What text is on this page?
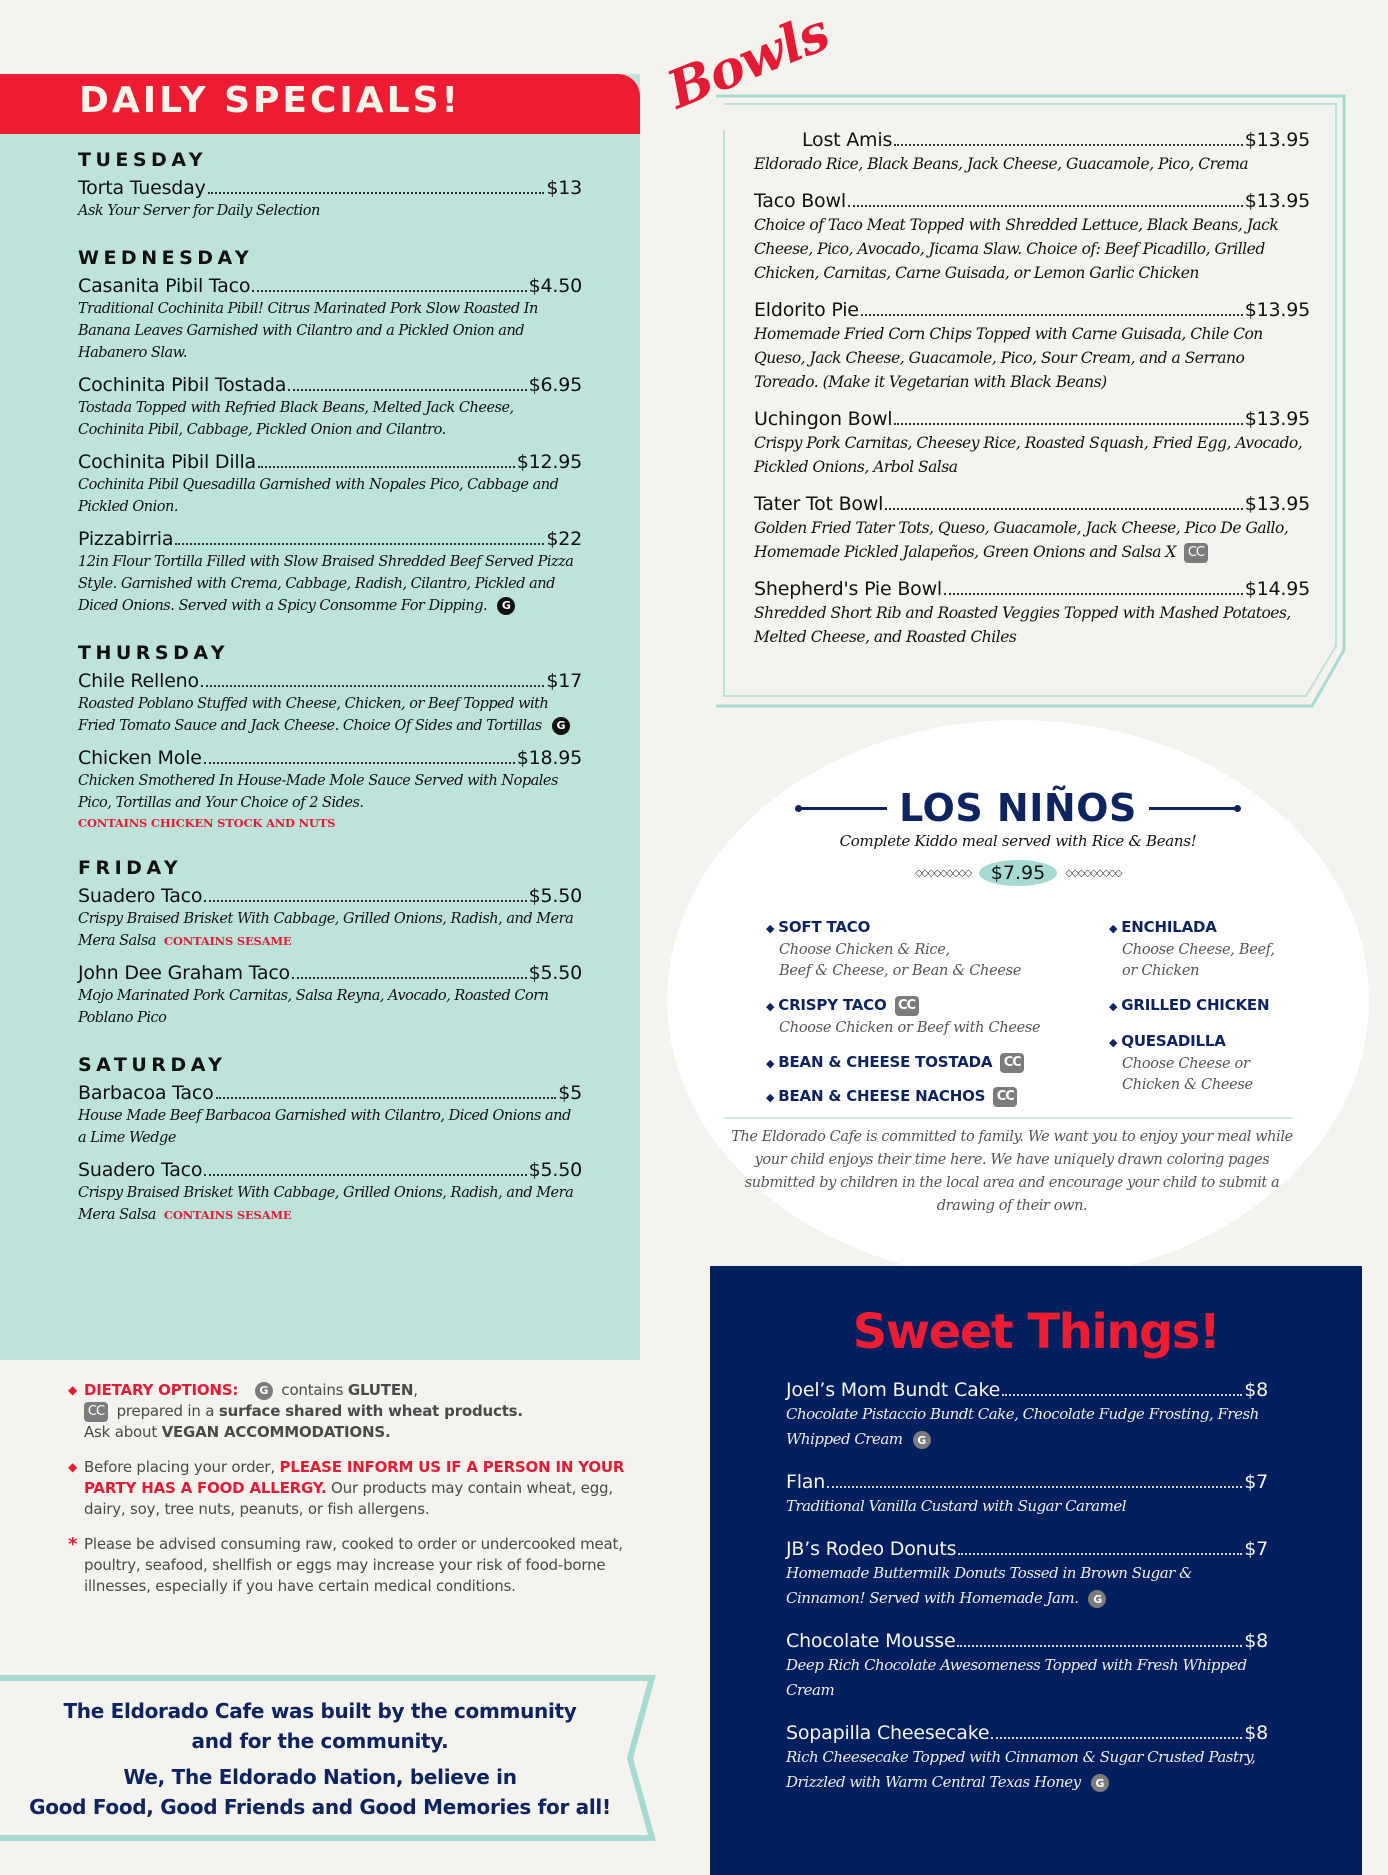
DAILY SPECIALS!
TUESDAY
Torta Tuesday	$13
Ask Your Server for Daily Selection
WEDNESDAY
Casanita Pibil Taco	$4.50
Traditional Cochinita Pibil! Citrus Marinated Pork Slow Roasted In Banana Leaves Garnished with Cilantro and a Pickled Onion and Habanero Slaw.
Cochinita Pibil Tostada	$6.95
Tostada Topped with Refried Black Beans, Melted Jack Cheese, Cochinita Pibil, Cabbage, Pickled Onion and Cilantro.
Cochinita Pibil Dilla	$12.95
Cochinita Pibil Quesadilla Garnished with Nopales Pico, Cabbage and Pickled Onion.
Pizzabirria	$22
12in Flour Tortilla Filled with Slow Braised Shredded Beef Served Pizza Style. Garnished with Crema, Cabbage, Radish, Cilantro, Pickled and Diced Onions. Served with a Spicy Consomme For Dipping. G
THURSDAY
Chile Relleno	$17
Roasted Poblano Stuffed with Cheese, Chicken, or Beef Topped with Fried Tomato Sauce and Jack Cheese. Choice Of Sides and Tortillas G
Chicken Mole	$18.95
Chicken Smothered In House-Made Mole Sauce Served with Nopales Pico, Tortillas and Your Choice of 2 Sides.
CONTAINS CHICKEN STOCK AND NUTS
FRIDAY
Suadero Taco	$5.50
Crispy Braised Brisket With Cabbage, Grilled Onions, Radish, and Mera Mera Salsa CONTAINS SESAME
John Dee Graham Taco	$5.50
Mojo Marinated Pork Carnitas, Salsa Reyna, Avocado, Roasted Corn Poblano Pico
SATURDAY
Barbacoa Taco	$5
House Made Beef Barbacoa Garnished with Cilantro, Diced Onions and a Lime Wedge
Suadero Taco	$5.50
Crispy Braised Brisket With Cabbage, Grilled Onions, Radish, and Mera Mera Salsa CONTAINS SESAME
◆ DIETARY OPTIONS: G contains GLUTEN,
CC prepared in a surface shared with wheat products.
Ask about VEGAN ACCOMMODATIONS.
◆ Before placing your order, PLEASE INFORM US IF A PERSON IN YOUR PARTY HAS A FOOD ALLERGY. Our products may contain wheat, egg, dairy, soy, tree nuts, peanuts, or fish allergens.
* Please be advised consuming raw, cooked to order or undercooked meat, poultry, seafood, shellfish or eggs may increase your risk of food-borne illnesses, especially if you have certain medical conditions.
The Eldorado Cafe was built by the community
and for the community.
We, The Eldorado Nation, believe in
Good Food, Good Friends and Good Memories for all!
Bowls
Lost Amis	$13.95
Eldorado Rice, Black Beans, Jack Cheese, Guacamole, Pico, Crema
Taco Bowl	$13.95
Choice of Taco Meat Topped with Shredded Lettuce, Black Beans, Jack Cheese, Pico, Avocado, Jicama Slaw. Choice of: Beef Picadillo, Grilled Chicken, Carnitas, Carne Guisada, or Lemon Garlic Chicken
Eldorito Pie	$13.95
Homemade Fried Corn Chips Topped with Carne Guisada, Chile Con Queso, Jack Cheese, Guacamole, Pico, Sour Cream, and a Serrano Toreado. (Make it Vegetarian with Black Beans)
Uchingon Bowl	$13.95
Crispy Pork Carnitas, Cheesey Rice, Roasted Squash, Fried Egg, Avocado, Pickled Onions, Arbol Salsa
Tater Tot Bowl	$13.95
Golden Fried Tater Tots, Queso, Guacamole, Jack Cheese, Pico De Gallo, Homemade Pickled Jalapeños, Green Onions and Salsa X CC
Shepherd's Pie Bowl	$14.95
Shredded Short Rib and Roasted Veggies Topped with Mashed Potatoes, Melted Cheese, and Roasted Chiles
LOS NIÑOS
Complete Kiddo meal served with Rice & Beans!
◇◇◇◇◇◇◇◇◇	$7.95	◇◇◇◇◇◇◇◇◇
◆ SOFT TACO
Choose Chicken & Rice,
Beef & Cheese, or Bean & Cheese
◆ CRISPY TACO CC
Choose Chicken or Beef with Cheese
◆ BEAN & CHEESE TOSTADA CC
◆ BEAN & CHEESE NACHOS CC
◆ ENCHILADA
Choose Cheese, Beef,
or Chicken
◆ GRILLED CHICKEN
◆ QUESADILLA
Choose Cheese or
Chicken & Cheese
The Eldorado Cafe is committed to family. We want you to enjoy your meal while your child enjoys their time here. We have uniquely drawn coloring pages submitted by children in the local area and encourage your child to submit a drawing of their own.
Sweet Things!
Joel’s Mom Bundt Cake	$8
Chocolate Pistaccio Bundt Cake, Chocolate Fudge Frosting, Fresh Whipped Cream G
Flan	$7
Traditional Vanilla Custard with Sugar Caramel
JB’s Rodeo Donuts	$7
Homemade Buttermilk Donuts Tossed in Brown Sugar & Cinnamon! Served with Homemade Jam. G
Chocolate Mousse	$8
Deep Rich Chocolate Awesomeness Topped with Fresh Whipped Cream
Sopapilla Cheesecake	$8
Rich Cheesecake Topped with Cinnamon & Sugar Crusted Pastry, Drizzled with Warm Central Texas Honey G
